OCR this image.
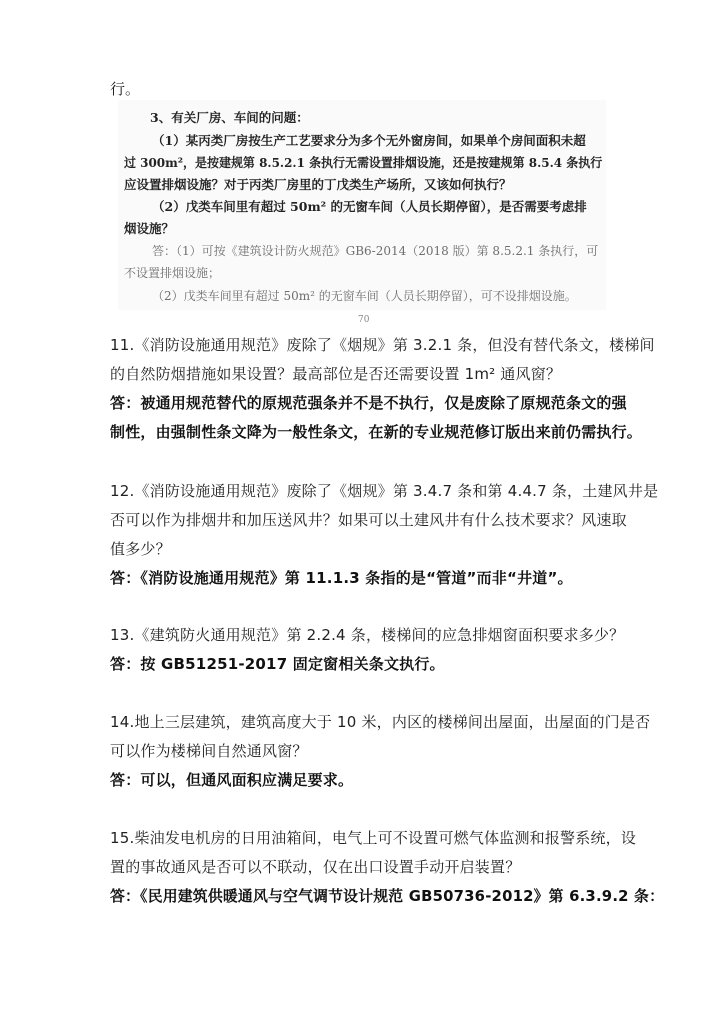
行。
3、有关厂房、车间的问题：
（1）某丙类厂房按生产工艺要求分为多个无外窗房间，如果单个房间面积未超
过 300m²，是按建规第 8.5.2.1 条执行无需设置排烟设施，还是按建规第 8.5.4 条执行
应设置排烟设施？对于丙类厂房里的丁戊类生产场所，又该如何执行？
（2）戊类车间里有超过 50m² 的无窗车间（人员长期停留），是否需要考虑排
烟设施？
答：（1）可按《建筑设计防火规范》GB6-2014（2018 版）第 8.5.2.1 条执行，可
不设置排烟设施；
（2）戊类车间里有超过 50m² 的无窗车间（人员长期停留），可不设排烟设施。
70
11.《消防设施通用规范》废除了《烟规》第 3.2.1 条，但没有替代条文，楼梯间
的自然防烟措施如果设置？最高部位是否还需要设置 1m² 通风窗？
答：被通用规范替代的原规范强条并不是不执行，仅是废除了原规范条文的强
制性，由强制性条文降为一般性条文，在新的专业规范修订版出来前仍需执行。
12.《消防设施通用规范》废除了《烟规》第 3.4.7 条和第 4.4.7 条，土建风井是
否可以作为排烟井和加压送风井？如果可以土建风井有什么技术要求？风速取
值多少？
答：《消防设施通用规范》第 11.1.3 条指的是“管道”而非“井道”。
13.《建筑防火通用规范》第 2.2.4 条，楼梯间的应急排烟窗面积要求多少？
答：按 GB51251-2017 固定窗相关条文执行。
14.地上三层建筑，建筑高度大于 10 米，内区的楼梯间出屋面，出屋面的门是否
可以作为楼梯间自然通风窗？
答：可以，但通风面积应满足要求。
15.柴油发电机房的日用油箱间，电气上可不设置可燃气体监测和报警系统，设
置的事故通风是否可以不联动，仅在出口设置手动开启装置？
答：《民用建筑供暖通风与空气调节设计规范 GB50736-2012》第 6.3.9.2 条：
